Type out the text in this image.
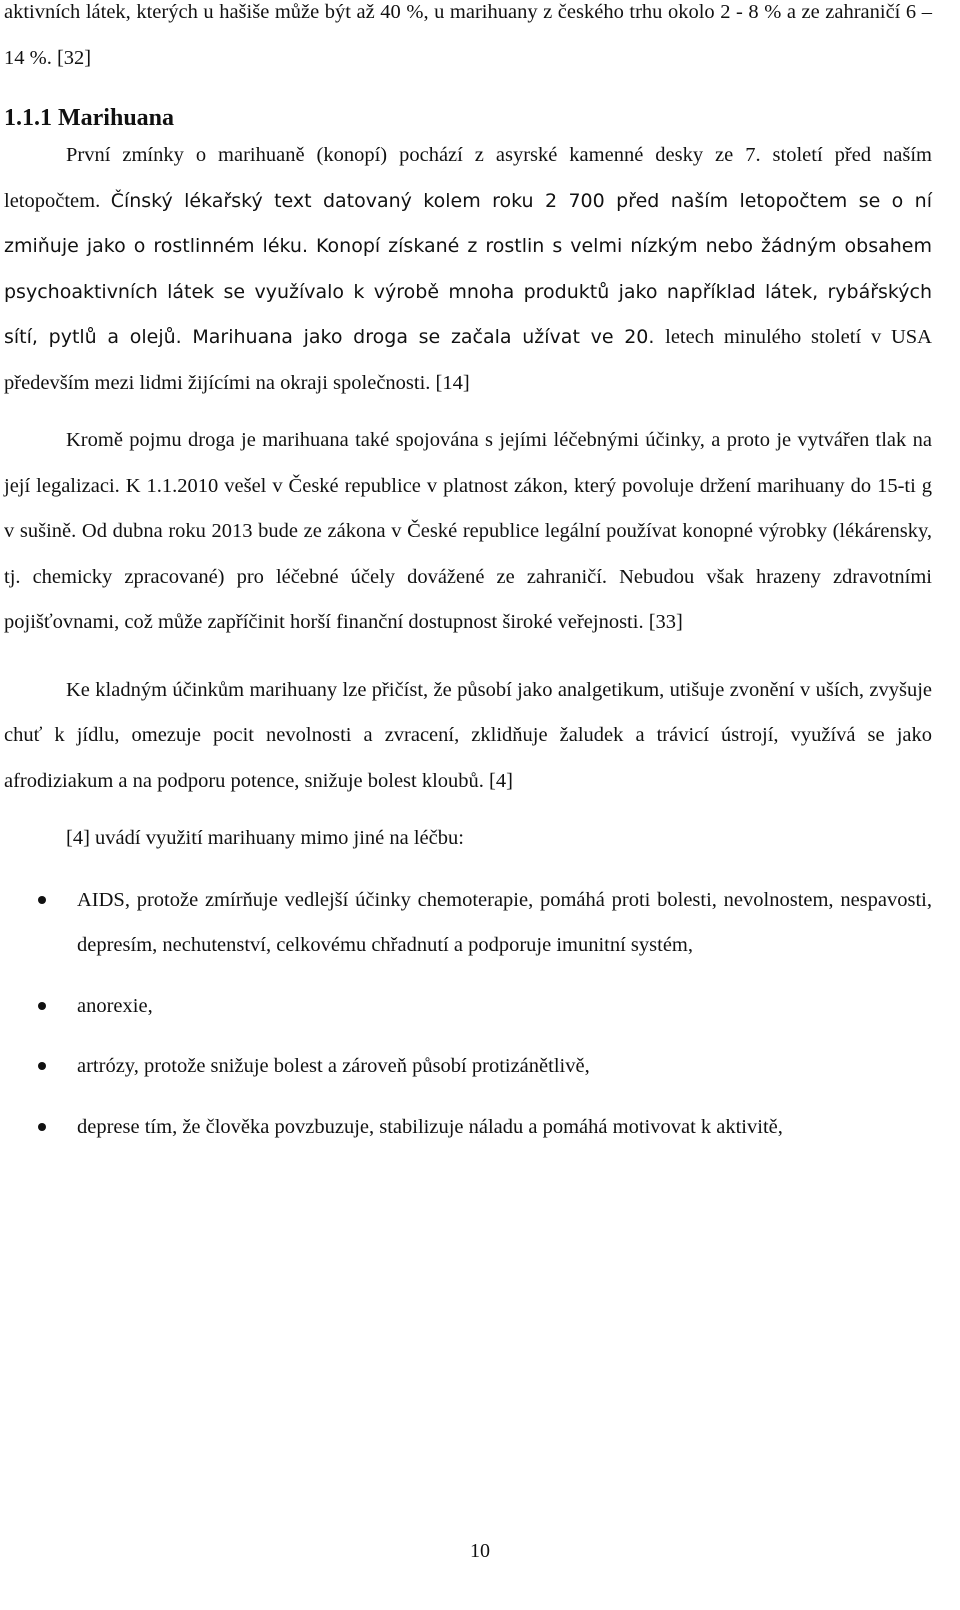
aktivních látek, kterých u hašiše může být až 40 %, u marihuany z českého trhu okolo 2 - 8 % a ze zahraničí 6 – 14 %. [32]

1.1.1 Marihuana

První zmínky o marihuaně (konopí) pochází z asyrské kamenné desky ze 7. století před naším letopočtem. Čínský lékařský text datovaný kolem roku 2 700 před naším letopočtem se o ní zmiňuje jako o rostlinném léku. Konopí získané z rostlin s velmi nízkým nebo žádným obsahem psychoaktivních látek se využívalo k výrobě mnoha produktů jako například látek, rybářských sítí, pytlů a olejů. Marihuana jako droga se začala užívat ve 20. letech minulého století v USA především mezi lidmi žijícími na okraji společnosti. [14]

Kromě pojmu droga je marihuana také spojována s jejími léčebnými účinky, a proto je vytvářen tlak na její legalizaci. K 1.1.2010 vešel v České republice v platnost zákon, který povoluje držení marihuany do 15-ti g v sušině. Od dubna roku 2013 bude ze zákona v České republice legální používat konopné výrobky (lékárensky, tj. chemicky zpracované) pro léčebné účely dovážené ze zahraničí. Nebudou však hrazeny zdravotními pojišťovnami, což může zapříčinit horší finanční dostupnost široké veřejnosti. [33]

Ke kladným účinkům marihuany lze přičíst, že působí jako analgetikum, utišuje zvonění v uších, zvyšuje chuť k jídlu, omezuje pocit nevolnosti a zvracení, zklidňuje žaludek a trávicí ústrojí, využívá se jako afrodiziakum a na podporu potence, snižuje bolest kloubů. [4]

[4] uvádí využití marihuany mimo jiné na léčbu:

AIDS, protože zmírňuje vedlejší účinky chemoterapie, pomáhá proti bolesti, nevolnostem, nespavosti, depresím, nechutenství, celkovému chřadnutí a podporuje imunitní systém,
anorexie,
artrózy, protože snižuje bolest a zároveň působí protizánětlivě,
deprese tím, že člověka povzbuzuje, stabilizuje náladu a pomáhá motivovat k aktivitě,
10
